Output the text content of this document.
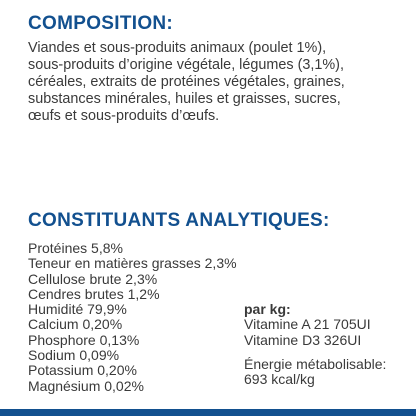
COMPOSITION:

Viandes et sous-produits animaux (poulet 1%),
sous-produits d’origine végétale, légumes (3,1%),
céréales, extraits de protéines végétales, graines,
substances minérales, huiles et graisses, sucres,
œufs et sous-produits d’œufs.

CONSTITUANTS ANALYTIQUES:
Protéines 5,8%
Teneur en matières grasses 2,3%
Cellulose brute 2,3%
Cendres brutes 1,2%
Humidité 79,9%
Calcium 0,20%
Phosphore 0,13%
Sodium 0,09%
Potassium 0,20%
Magnésium 0,02%
par kg:
Vitamine A 21 705UI
Vitamine D3 326UI
Énergie métabolisable:
693 kcal/kg
